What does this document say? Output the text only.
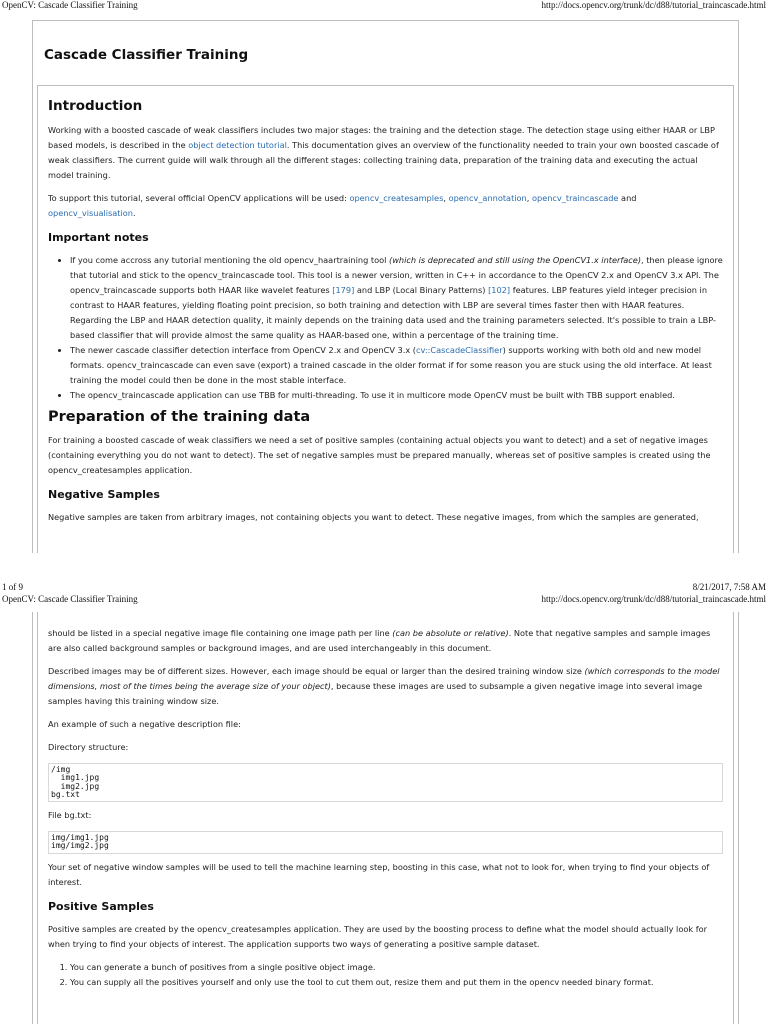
OpenCV: Cascade Classifier Training	http://docs.opencv.org/trunk/dc/d88/tutorial_traincascade.html
Cascade Classifier Training
Introduction

Working with a boosted cascade of weak classifiers includes two major stages: the training and the detection stage. The detection stage using either HAAR or LBP based models, is described in the object detection tutorial. This documentation gives an overview of the functionality needed to train your own boosted cascade of weak classifiers. The current guide will walk through all the different stages: collecting training data, preparation of the training data and executing the actual model training.

To support this tutorial, several official OpenCV applications will be used: opencv_createsamples, opencv_annotation, opencv_traincascade and opencv_visualisation.

Important notes
• If you come accross any tutorial mentioning the old opencv_haartraining tool (which is deprecated and still using the OpenCV1.x interface), then please ignore that tutorial and stick to the opencv_traincascade tool. This tool is a newer version, written in C++ in accordance to the OpenCV 2.x and OpenCV 3.x API. The opencv_traincascade supports both HAAR like wavelet features [179] and LBP (Local Binary Patterns) [102] features. LBP features yield integer precision in contrast to HAAR features, yielding floating point precision, so both training and detection with LBP are several times faster then with HAAR features. Regarding the LBP and HAAR detection quality, it mainly depends on the training data used and the training parameters selected. It's possible to train a LBP-based classifier that will provide almost the same quality as HAAR-based one, within a percentage of the training time.
• The newer cascade classifier detection interface from OpenCV 2.x and OpenCV 3.x (cv::CascadeClassifier) supports working with both old and new model formats. opencv_traincascade can even save (export) a trained cascade in the older format if for some reason you are stuck using the old interface. At least training the model could then be done in the most stable interface.
• The opencv_traincascade application can use TBB for multi-threading. To use it in multicore mode OpenCV must be built with TBB support enabled.
Preparation of the training data

For training a boosted cascade of weak classifiers we need a set of positive samples (containing actual objects you want to detect) and a set of negative images (containing everything you do not want to detect). The set of negative samples must be prepared manually, whereas set of positive samples is created using the opencv_createsamples application.

Negative Samples

Negative samples are taken from arbitrary images, not containing objects you want to detect. These negative images, from which the samples are generated,

1 of 9	8/21/2017, 7:58 AM
OpenCV: Cascade Classifier Training	http://docs.opencv.org/trunk/dc/d88/tutorial_traincascade.html

should be listed in a special negative image file containing one image path per line (can be absolute or relative). Note that negative samples and sample images are also called background samples or background images, and are used interchangeably in this document.

Described images may be of different sizes. However, each image should be equal or larger than the desired training window size (which corresponds to the model dimensions, most of the times being the average size of your object), because these images are used to subsample a given negative image into several image samples having this training window size.

An example of such a negative description file:

Directory structure:

/img
img1.jpg
img2.jpg
bg.txt

File bg.txt:

img/img1.jpg
img/img2.jpg

Your set of negative window samples will be used to tell the machine learning step, boosting in this case, what not to look for, when trying to find your objects of interest.

Positive Samples

Positive samples are created by the opencv_createsamples application. They are used by the boosting process to define what the model should actually look for when trying to find your objects of interest. The application supports two ways of generating a positive sample dataset.

1. You can generate a bunch of positives from a single positive object image.
2. You can supply all the positives yourself and only use the tool to cut them out, resize them and put them in the opencv needed binary format.
